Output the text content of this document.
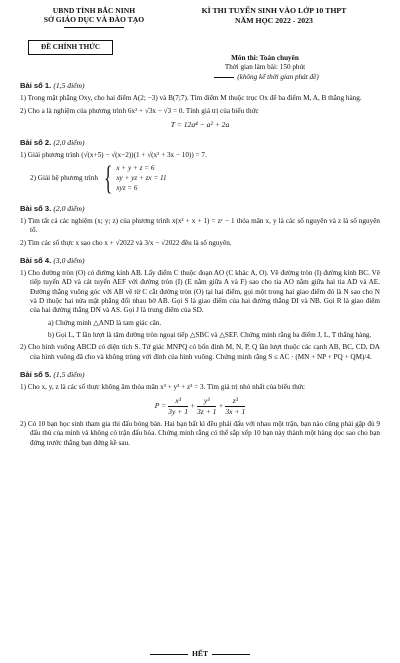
UBND TỈNH BẮC NINH
SỞ GIÁO DỤC VÀ ĐÀO TẠO
KÌ THI TUYỂN SINH VÀO LỚP 10 THPT
NĂM HỌC 2022 - 2023
ĐỀ CHÍNH THỨC
Môn thi: Toán chuyên
Thời gian làm bài: 150 phút
(không kể thời gian phát đề)
Bài số 1. (1,5 điểm)
1) Trong mặt phẳng Oxy, cho hai điểm A(2; −3) và B(7;7). Tìm điểm M thuộc trục Ox để ba điểm M, A, B thẳng hàng.
2) Cho a là nghiệm của phương trình 6x² + √3x − √3 = 0. Tính giá trị của biểu thức
T = 12a⁴ − a² + 2a
Bài số 2. (2,0 điểm)
1) Giải phương trình (√(x+5) − √(x−2))(1 + √(x² + 3x − 10)) = 7.
2) Giải hệ phương trình { x + y + z = 6
xy + yz + zx = 11
xyz = 6
Bài số 3. (2,0 điểm)
1) Tìm tất cả các nghiệm (x; y; z) của phương trình x(x² + x + 1) = zʸ − 1 thỏa mãn x, y là các số nguyên và z là số nguyên tố.
2) Tìm các số thực x sao cho x + √2022 và 3/x − √2022 đều là số nguyên.
Bài số 4. (3,0 điểm)
1) Cho đường tròn (O) có đường kính AB. Lấy điểm C thuộc đoạn AO (C khác A, O). Vẽ đường tròn (I) đường kính BC. Vẽ tiếp tuyến AD và cát tuyến AEF với đường tròn (I) (E nằm giữa A và F) sao cho tia AO nằm giữa hai tia AD và AE. Đường thẳng vuông góc với AB về từ C cắt đường tròn (O) tại hai điểm, gọi một trong hai giao điểm đó là N sao cho N và D thuộc hai nửa mặt phẳng đối nhau bờ AB. Gọi S là giao điểm của hai đường thẳng DI và NB. Gọi R là giao điểm của hai đường thẳng DN và AS. Gọi J là trung điểm của SD.
a) Chứng minh △AND là tam giác cân.
b) Gọi L, T lần lượt là tâm đường tròn ngoại tiếp △SBC và △SEF. Chứng minh rằng ba điểm J, L, T thẳng hàng.
2) Cho hình vuông ABCD có diện tích S. Tứ giác MNPQ có bốn đỉnh M, N, P, Q lần lượt thuộc các cạnh AB, BC, CD, DA của hình vuông đã cho và không trùng với đỉnh của hình vuông. Chứng minh rằng S ≤ AC · (MN + NP + PQ + QM)/4.
Bài số 5. (1,5 điểm)
1) Cho x, y, z là các số thực không âm thỏa mãn x³ + y³ + z³ = 3. Tìm giá trị nhỏ nhất của biểu thức
$P = \frac{\text{x³}}{3y + 1} + \frac{\text{y³}}{3z + 1} + \frac{\text{z³}}{3x + 1}$
2) Có 10 bạn học sinh tham gia thi đấu bóng bàn. Hai bạn bất kì đều phải đấu với nhau một trận, bạn nào cũng phải gặp đủ 9 đấu thủ của mình và không có trận đấu hòa. Chứng minh rằng có thể sắp xếp 10 bạn này thành một hàng dọc sao cho bạn đứng trước thắng bạn đứng kề sau.
HẾT
